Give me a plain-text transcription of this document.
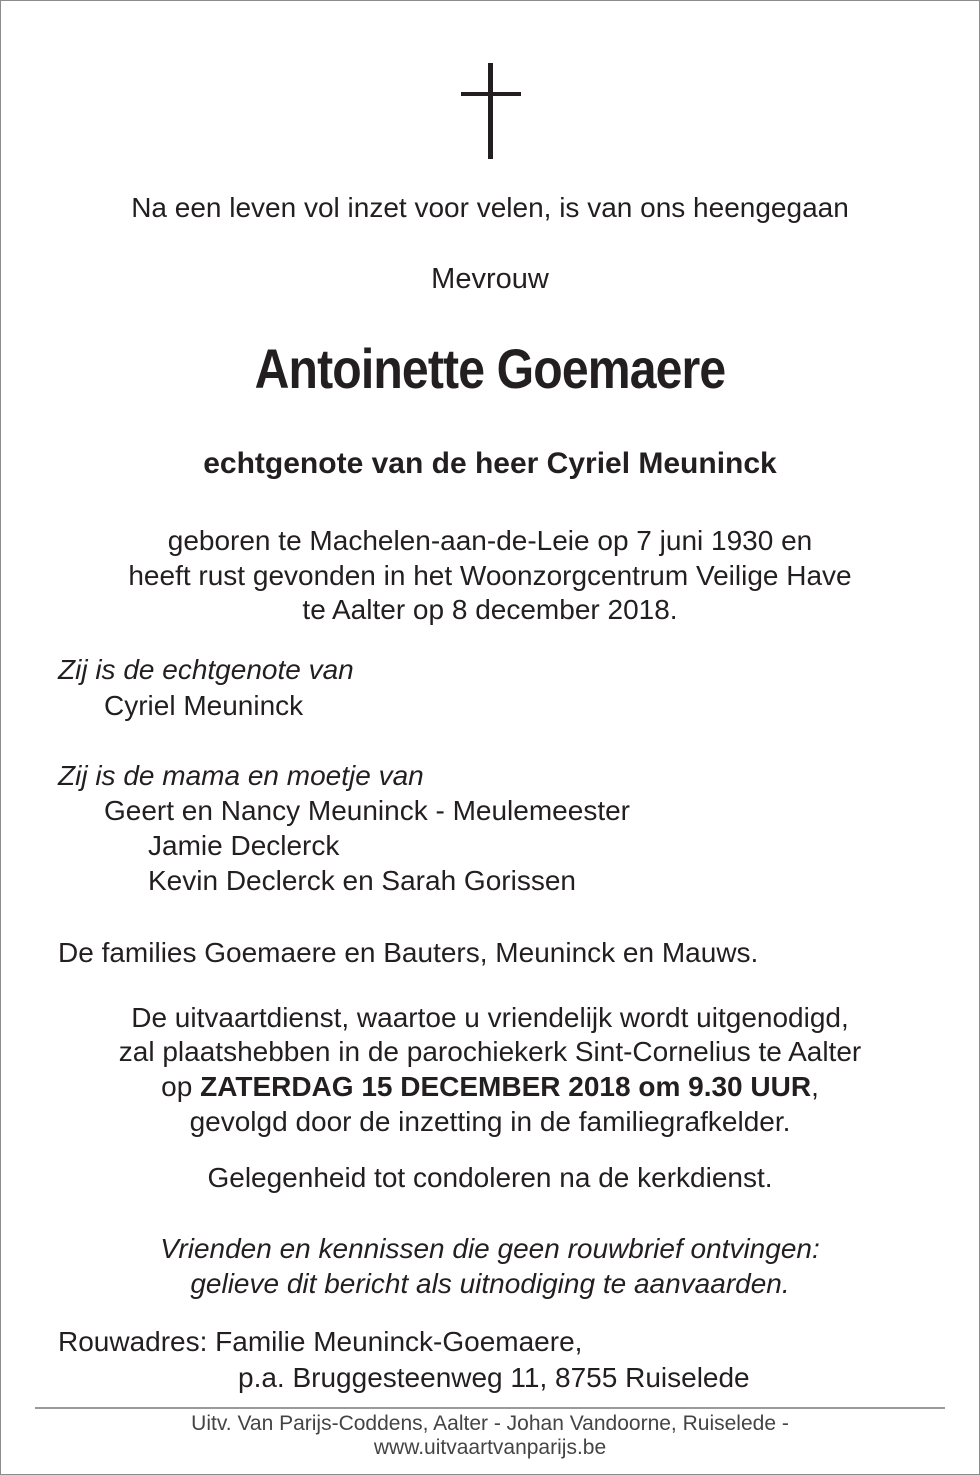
Na een leven vol inzet voor velen, is van ons heengegaan
Mevrouw
Antoinette Goemaere
echtgenote van de heer Cyriel Meuninck
geboren te Machelen-aan-de-Leie op 7 juni 1930 en
heeft rust gevonden in het Woonzorgcentrum Veilige Have
te Aalter op 8 december 2018.
Zij is de echtgenote van
Cyriel Meuninck
Zij is de mama en moetje van
Geert en Nancy Meuninck - Meulemeester
Jamie Declerck
Kevin Declerck en Sarah Gorissen
De families Goemaere en Bauters, Meuninck en Mauws.
De uitvaartdienst, waartoe u vriendelijk wordt uitgenodigd,
zal plaatshebben in de parochiekerk Sint-Cornelius te Aalter
op ZATERDAG 15 DECEMBER 2018 om 9.30 UUR,
gevolgd door de inzetting in de familiegrafkelder.
Gelegenheid tot condoleren na de kerkdienst.
Vrienden en kennissen die geen rouwbrief ontvingen:
gelieve dit bericht als uitnodiging te aanvaarden.
Rouwadres: Familie Meuninck-Goemaere,
p.a. Bruggesteenweg 11, 8755 Ruiselede
Uitv. Van Parijs-Coddens, Aalter - Johan Vandoorne, Ruiselede -
www.uitvaartvanparijs.be
